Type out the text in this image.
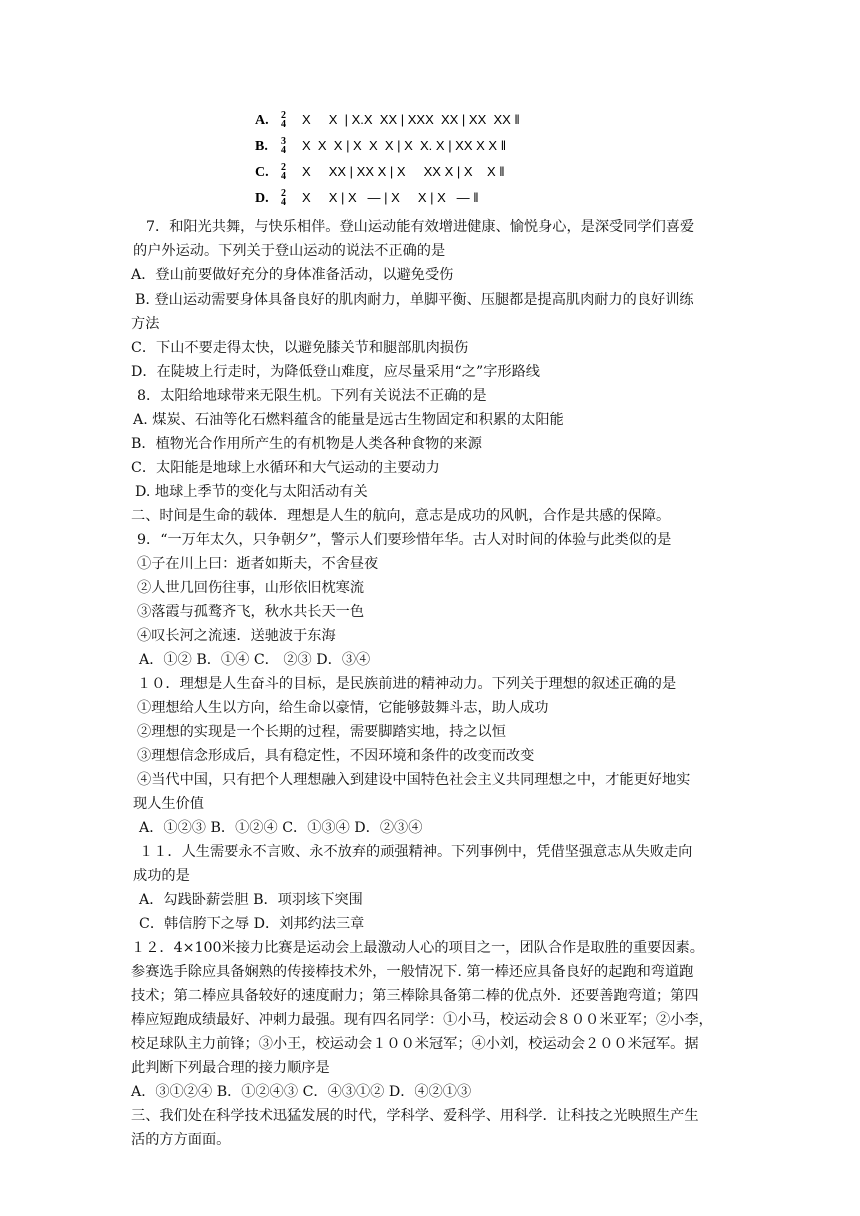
A. 2
4 X     X  | X.X  XX | XXX  XX | XX  XX ‖
B. 3
4 X  X  X | X  X  X | X  X. X | XX X X ‖
C. 2
4 X     XX | XX X | X     XX X | X    X ‖
D. 2
4 X     X | X   — | X     X | X   — ‖
7．和阳光共舞，与快乐相伴。登山运动能有效增进健康、愉悦身心，是深受同学们喜爱
的户外运动。下列关于登山运动的说法不正确的是
A．登山前要做好充分的身体准备活动，以避免受伤
B. 登山运动需要身体具备良好的肌肉耐力，单脚平衡、压腿都是提高肌肉耐力的良好训练
方法
C．下山不要走得太快，以避免膝关节和腿部肌肉损伤
D．在陡坡上行走时，为降低登山难度，应尽量采用“之”字形路线
8．太阳给地球带来无限生机。下列有关说法不正确的是
A. 煤炭、石油等化石燃料蕴含的能量是远古生物固定和积累的太阳能
B．植物光合作用所产生的有机物是人类各种食物的来源
C．太阳能是地球上水循环和大气运动的主要动力
D. 地球上季节的变化与太阳活动有关
二、时间是生命的载体．理想是人生的航向，意志是成功的风帆，合作是共感的保障。
9．“一万年太久，只争朝夕”，警示人们要珍惜年华。古人对时间的体验与此类似的是
①子在川上曰：逝者如斯夫，不舍昼夜
②人世几回伤往事，山形依旧枕寒流
③落霞与孤鹜齐飞，秋水共长天一色
④叹长河之流速．送驰波于东海
A．①② B．①④ C． ②③ D．③④
１０．理想是人生奋斗的目标，是民族前进的精神动力。下列关于理想的叙述正确的是
①理想给人生以方向，给生命以豪情，它能够鼓舞斗志，助人成功
②理想的实现是一个长期的过程，需要脚踏实地，持之以恒
③理想信念形成后，具有稳定性，不因环境和条件的改变而改变
④当代中国，只有把个人理想融入到建设中国特色社会主义共同理想之中，才能更好地实
现人生价值
A．①②③ B．①②④ C．①③④ D．②③④
１１．人生需要永不言败、永不放弃的顽强精神。下列事例中，凭借坚强意志从失败走向
成功的是
A．勾践卧薪尝胆 B．项羽垓下突围
C．韩信胯下之辱 D．刘邦约法三章
１２．4×100米接力比赛是运动会上最激动人心的项目之一，团队合作是取胜的重要因素。
参赛选手除应具备娴熟的传接棒技术外，一般情况下. 第一棒还应具备良好的起跑和弯道跑
技术；第二棒应具备较好的速度耐力；第三棒除具备第二棒的优点外．还要善跑弯道；第四
棒应短跑成绩最好、冲刺力最强。现有四名同学：①小马，校运动会８００米亚军；②小李，
校足球队主力前锋；③小王，校运动会１００米冠军；④小刘，校运动会２００米冠军。据
此判断下列最合理的接力顺序是
A．③①②④ B．①②④③ C．④③①② D．④②①③
三、我们处在科学技术迅猛发展的时代，学科学、爱科学、用科学．让科技之光映照生产生
活的方方面面。
